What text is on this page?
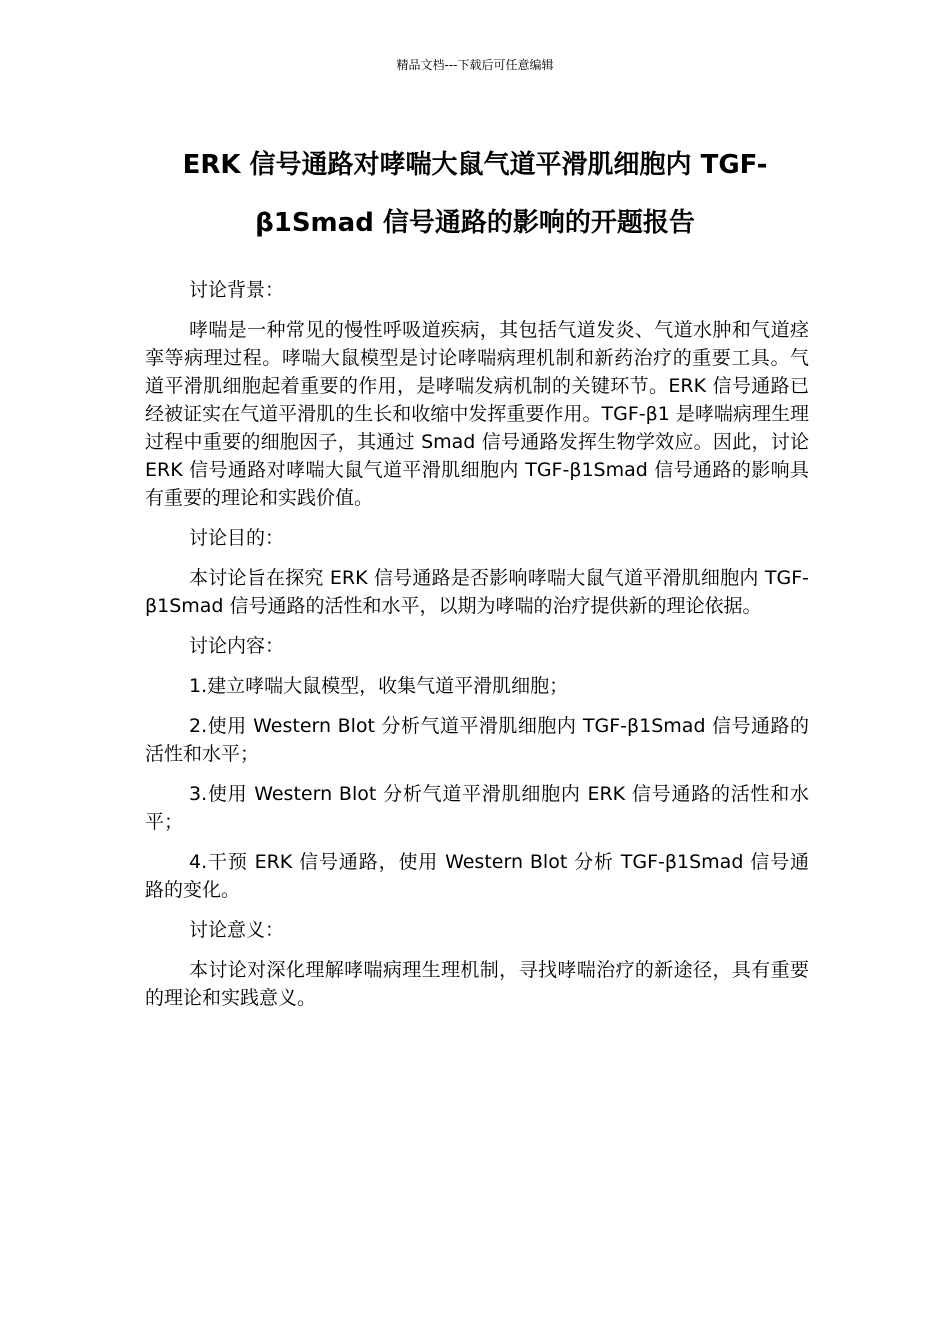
精品文档---下载后可任意编辑
ERK 信号通路对哮喘大鼠气道平滑肌细胞内 TGF-
β1Smad 信号通路的影响的开题报告

讨论背景：

哮喘是一种常见的慢性呼吸道疾病，其包括气道发炎、气道水肿和气道痉挛等病理过程。哮喘大鼠模型是讨论哮喘病理机制和新药治疗的重要工具。气道平滑肌细胞起着重要的作用，是哮喘发病机制的关键环节。ERK 信号通路已经被证实在气道平滑肌的生长和收缩中发挥重要作用。TGF-β1 是哮喘病理生理过程中重要的细胞因子，其通过 Smad 信号通路发挥生物学效应。因此，讨论 ERK 信号通路对哮喘大鼠气道平滑肌细胞内 TGF-β1Smad 信号通路的影响具有重要的理论和实践价值。

讨论目的：

本讨论旨在探究 ERK 信号通路是否影响哮喘大鼠气道平滑肌细胞内 TGF-β1Smad 信号通路的活性和水平，以期为哮喘的治疗提供新的理论依据。

讨论内容：

1.建立哮喘大鼠模型，收集气道平滑肌细胞；

2.使用 Western Blot 分析气道平滑肌细胞内 TGF-β1Smad 信号通路的活性和水平；

3.使用 Western Blot 分析气道平滑肌细胞内 ERK 信号通路的活性和水平；

4.干预 ERK 信号通路，使用 Western Blot 分析 TGF-β1Smad 信号通路的变化。

讨论意义：

本讨论对深化理解哮喘病理生理机制，寻找哮喘治疗的新途径，具有重要的理论和实践意义。
